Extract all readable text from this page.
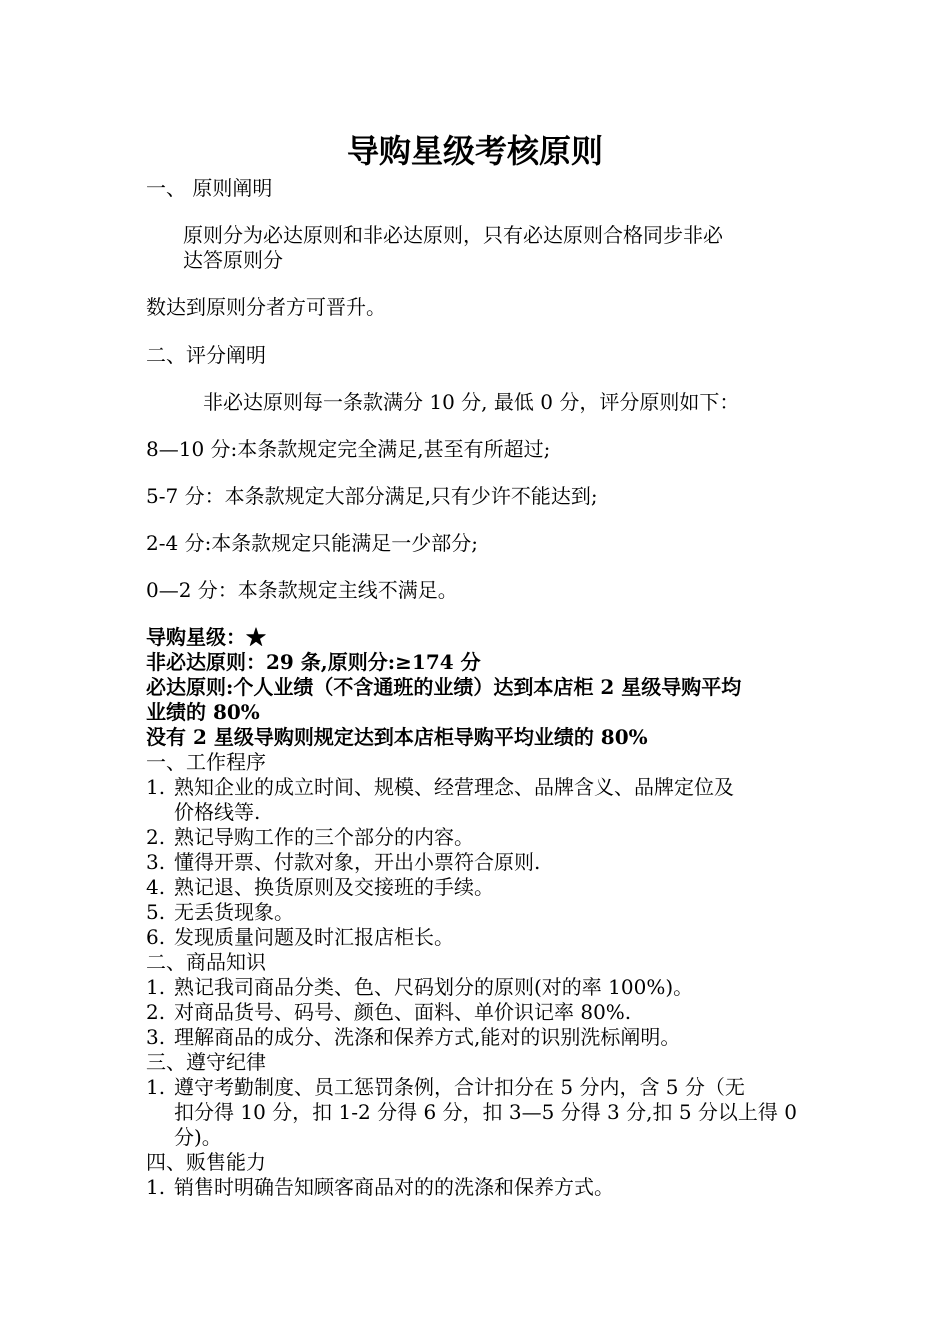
导购星级考核原则
一、 原则阐明
原则分为必达原则和非必达原则，只有必达原则合格同步非必
达答原则分
数达到原则分者方可晋升。
二、评分阐明
非必达原则每一条款满分 10 分, 最低 0 分，评分原则如下：
8—10 分:本条款规定完全满足,甚至有所超过;
5-7 分：本条款规定大部分满足,只有少许不能达到;
2-4 分:本条款规定只能满足一少部分;
0—2 分：本条款规定主线不满足。
导购星级：★
非必达原则：29 条,原则分:≥174 分
必达原则:个人业绩（不含通班的业绩）达到本店柜 2 星级导购平均
业绩的 80%
没有 2 星级导购则规定达到本店柜导购平均业绩的 80%
一、工作程序
1. 熟知企业的成立时间、规模、经营理念、品牌含义、品牌定位及
价格线等.
2. 熟记导购工作的三个部分的内容。
3. 懂得开票、付款对象，开出小票符合原则.
4. 熟记退、换货原则及交接班的手续。
5. 无丢货现象。
6. 发现质量问题及时汇报店柜长。
二、商品知识
1. 熟记我司商品分类、色、尺码划分的原则(对的率 100%)。
2. 对商品货号、码号、颜色、面料、单价识记率 80%.
3. 理解商品的成分、洗涤和保养方式,能对的识别洗标阐明。
三、遵守纪律
1. 遵守考勤制度、员工惩罚条例，合计扣分在 5 分内，含 5 分（无
扣分得 10 分，扣 1-2 分得 6 分，扣 3—5 分得 3 分,扣 5 分以上得 0
分)。
四、贩售能力
1. 销售时明确告知顾客商品对的的洗涤和保养方式。
